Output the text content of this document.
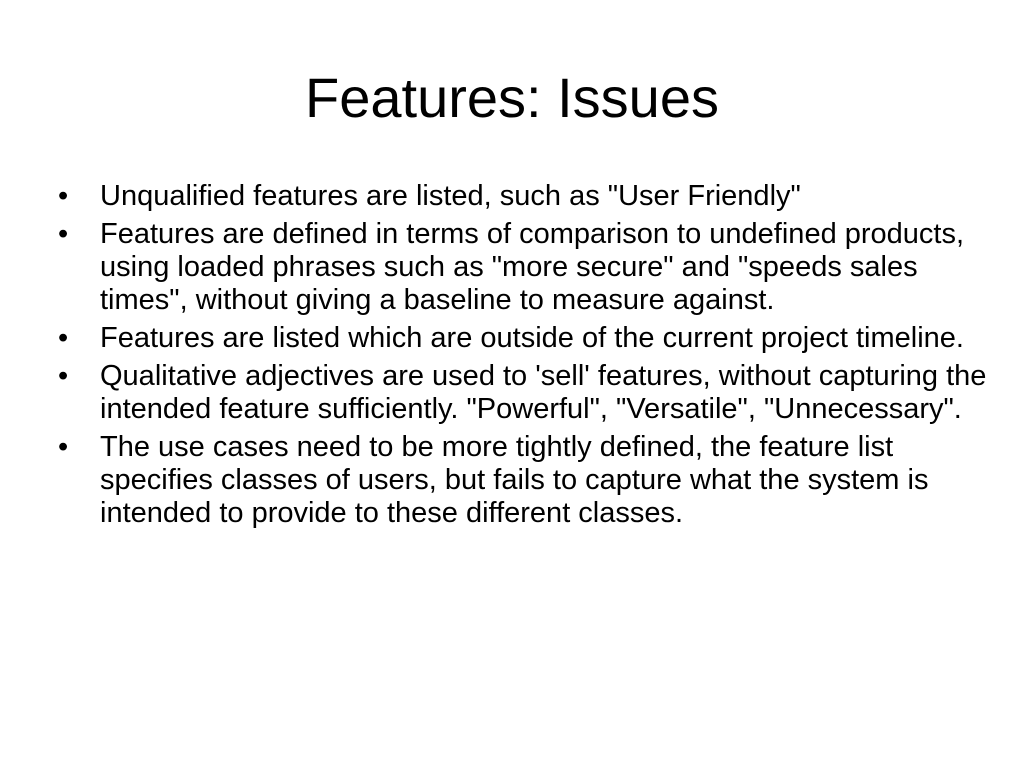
Features: Issues
•	Unqualified features are listed, such as "User Friendly"
•	Features are defined in terms of comparison to undefined products, using loaded phrases such as "more secure" and "speeds sales times", without giving a baseline to measure against.
•	Features are listed which are outside of the current project timeline.
•	Qualitative adjectives are used to 'sell' features, without capturing the intended feature sufficiently. "Powerful", "Versatile", "Unnecessary".
•	The use cases need to be more tightly defined, the feature list specifies classes of users, but fails to capture what the system is intended to provide to these different classes.
